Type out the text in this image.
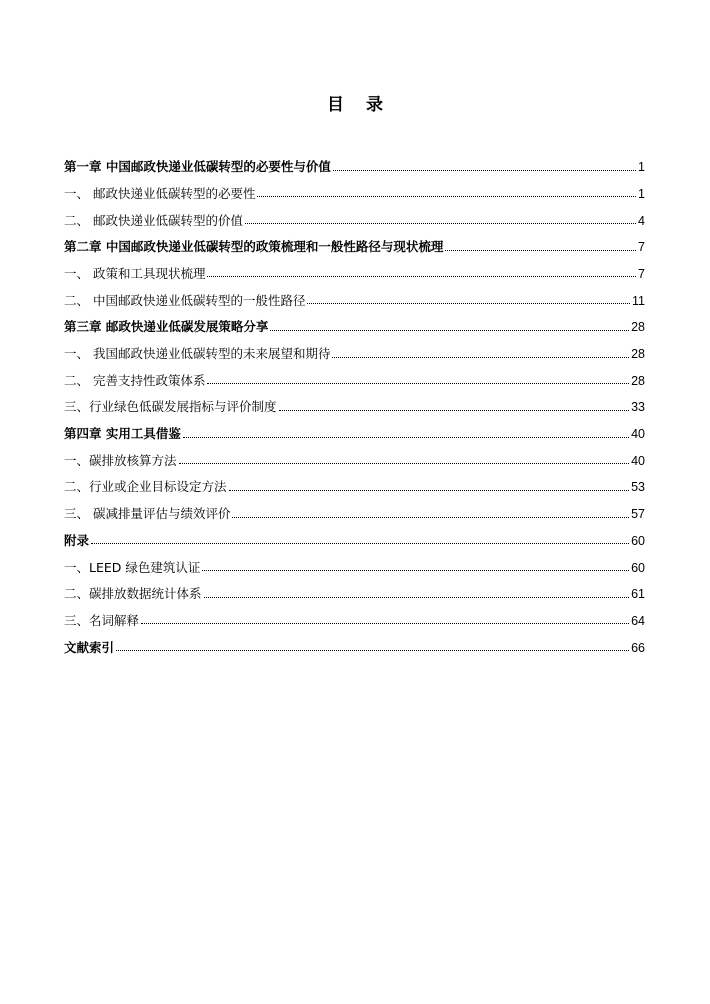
目 录
第一章 中国邮政快递业低碳转型的必要性与价值	1
一、 邮政快递业低碳转型的必要性	1
二、 邮政快递业低碳转型的价值	4
第二章 中国邮政快递业低碳转型的政策梳理和一般性路径与现状梳理	7
一、 政策和工具现状梳理	7
二、 中国邮政快递业低碳转型的一般性路径	11
第三章 邮政快递业低碳发展策略分享	28
一、 我国邮政快递业低碳转型的未来展望和期待	28
二、 完善支持性政策体系	28
三、行业绿色低碳发展指标与评价制度	33
第四章 实用工具借鉴	40
一、碳排放核算方法	40
二、行业或企业目标设定方法	53
三、 碳减排量评估与绩效评价	57
附录	60
一、LEED 绿色建筑认证	60
二、碳排放数据统计体系	61
三、名词解释	64
文献索引	66
